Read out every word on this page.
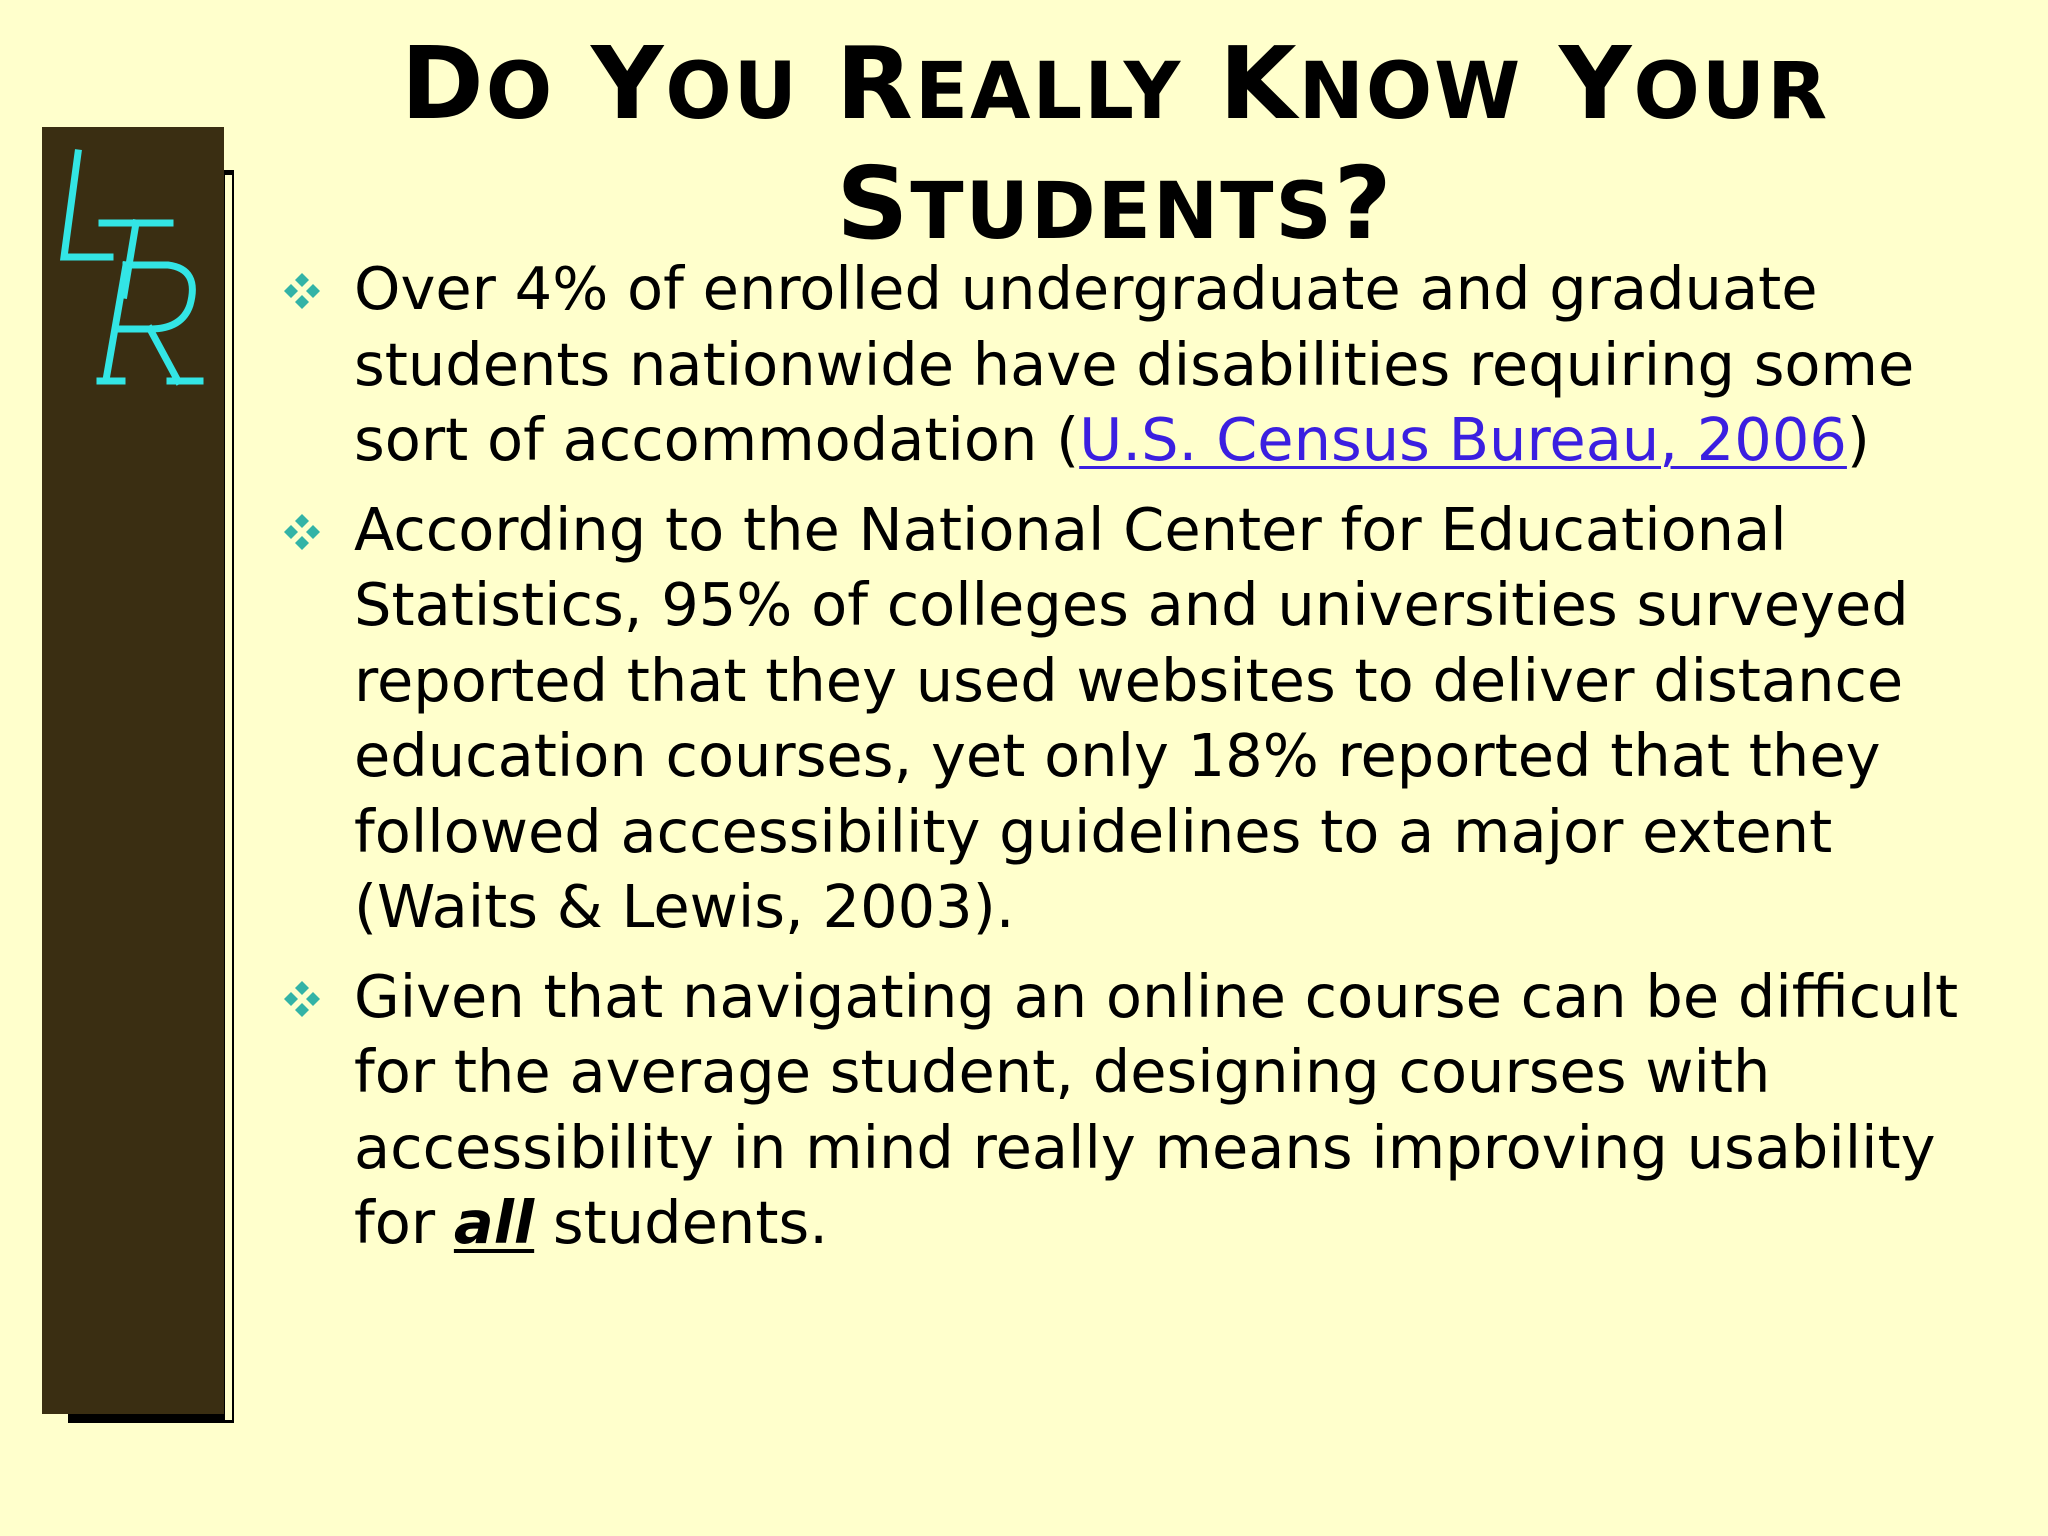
DO YOU REALLY KNOW YOUR
STUDENTS?
Over 4% of enrolled undergraduate and graduate students nationwide have disabilities requiring some sort of accommodation (U.S. Census Bureau, 2006)
According to the National Center for Educational Statistics, 95% of colleges and universities surveyed reported that they used websites to deliver distance education courses, yet only 18% reported that they followed accessibility guidelines to a major extent (Waits & Lewis, 2003).
Given that navigating an online course can be difficult for the average student, designing courses with accessibility in mind really means improving usability for all students.
